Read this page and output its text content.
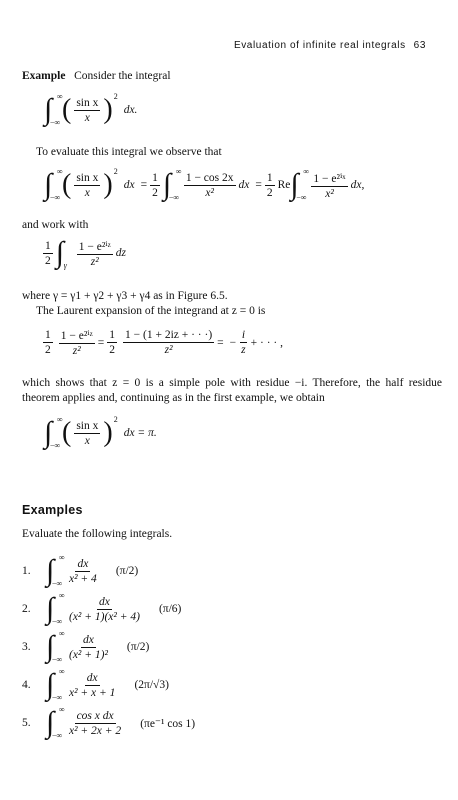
Evaluation of infinite real integrals 63
Example Consider the integral
∫ ∞
−∞ ( $\frac{\text{sin x}}{x}$ ) 2
dx.
To evaluate this integral we observe that
∫ ∞
−∞ ( $\frac{\text{sin x}}{x}$ ) 2
dx = $\frac{1}{2}$ ∫ ∞
−∞ $\frac{1 - \cos 2x}{\text{x²}}$ dx = $\frac{1}{2}$ Re ∫ ∞
−∞ $\frac{\text{1 − e²ⁱˣ}}{\text{x²}}$ dx,
and work with
$\frac{1}{2}$ ∫ γ $\frac{\text{1 − e²ⁱᶻ}}{\text{z²}}$ dz
where γ = γ1 + γ2 + γ3 + γ4 as in Figure 6.5.
The Laurent expansion of the integrand at z = 0 is
$\frac{1}{2} \frac{\text{1 − e²ⁱᶻ}}{\text{z²}} = \frac{1}{2} \frac{1 - (1 + 2iz + \cdot \cdot \cdot)}{\text{z²}}$ = − $\frac{i}{z}$ + · · · ,
which shows that z = 0 is a simple pole with residue −i. Therefore, the half residue theorem applies and, continuing as in the first example, we obtain
∫ ∞
−∞ ( $\frac{\text{sin x}}{x}$ ) 2
dx = π.
Examples
Evaluate the following integrals.
1. ∫ ∞
−∞ $\frac{dx}{\text{x² + 4}} (\pi/2)$
2. ∫ ∞
−∞ $\frac{dx}{\text{(x² + 1)(x² + 4)}} (\pi/6)$
3. ∫ ∞
−∞ $\frac{dx}{\text{(x² + 1)²}} (\pi/2)$
4. ∫ ∞
−∞ $\frac{dx}{\text{x² + x + 1}} (2\pi/√3)$
5. ∫ ∞
−∞ $\frac{\text{cos x dx}}{\text{x² + 2x + 2}} (\pi e^{-1}$ cos 1)
